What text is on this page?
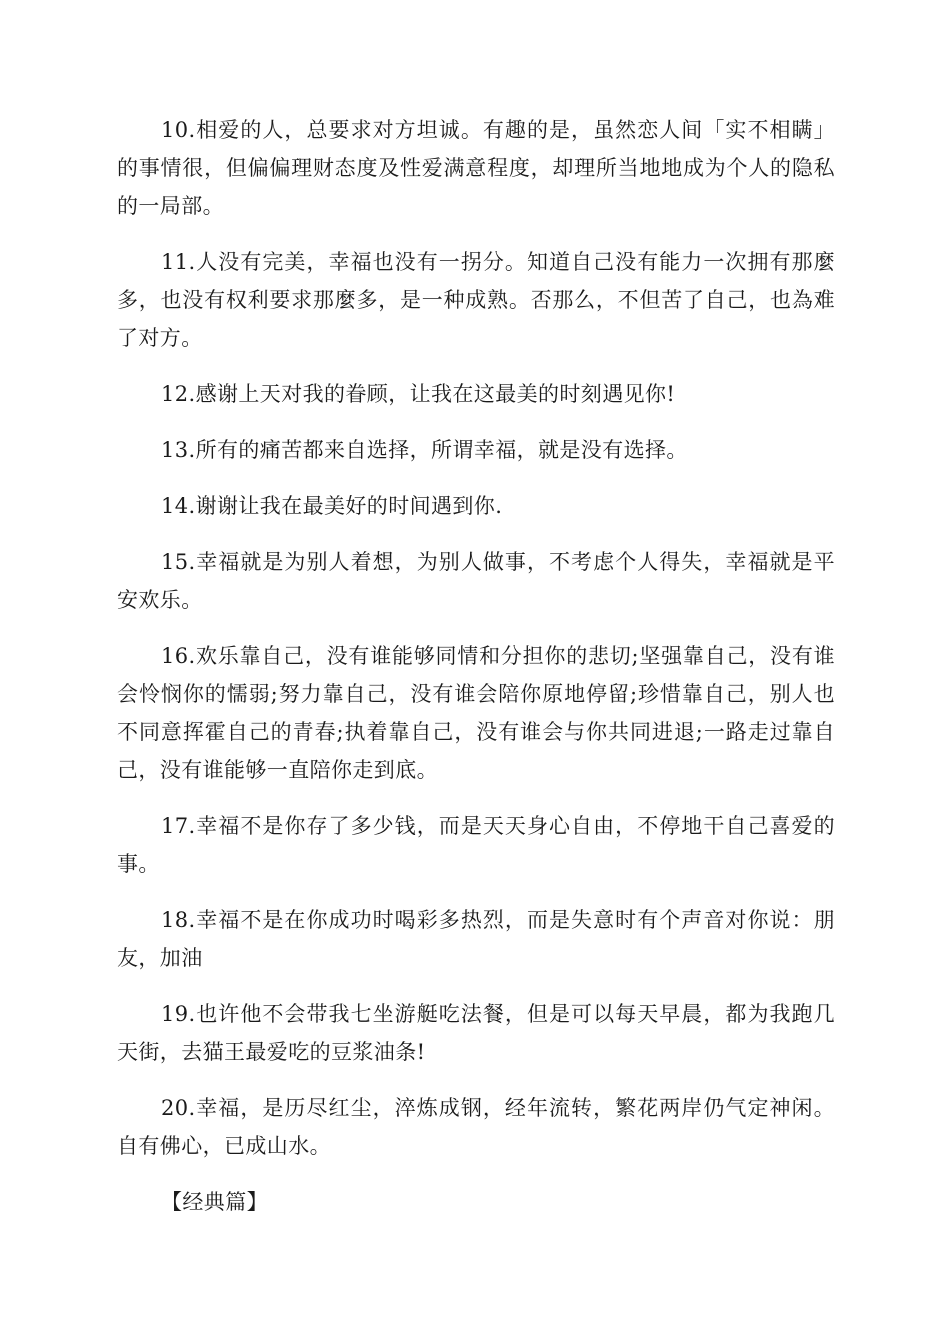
10.相爱的人，总要求对方坦诚。有趣的是，虽然恋人间「实不相瞒」的事情很，但偏偏理财态度及性爱满意程度，却理所当地地成为个人的隐私的一局部。

11.人没有完美，幸福也没有一拐分。知道自己没有能力一次拥有那麼多，也没有权利要求那麼多，是一种成熟。否那么，不但苦了自己，也為难了对方。

12.感谢上天对我的眷顾，让我在这最美的时刻遇见你!

13.所有的痛苦都来自选择，所谓幸福，就是没有选择。

14.谢谢让我在最美好的时间遇到你.

15.幸福就是为别人着想，为别人做事，不考虑个人得失，幸福就是平安欢乐。

16.欢乐靠自己，没有谁能够同情和分担你的悲切;坚强靠自己，没有谁会怜悯你的懦弱;努力靠自己，没有谁会陪你原地停留;珍惜靠自己，别人也不同意挥霍自己的青春;执着靠自己，没有谁会与你共同进退;一路走过靠自己，没有谁能够一直陪你走到底。

17.幸福不是你存了多少钱，而是天天身心自由，不停地干自己喜爱的事。

18.幸福不是在你成功时喝彩多热烈，而是失意时有个声音对你说：朋友，加油

19.也许他不会带我七坐游艇吃法餐，但是可以每天早晨，都为我跑几天街，去猫王最爱吃的豆浆油条!

20.幸福，是历尽红尘，淬炼成钢，经年流转，繁花两岸仍气定神闲。自有佛心，已成山水。

【经典篇】
